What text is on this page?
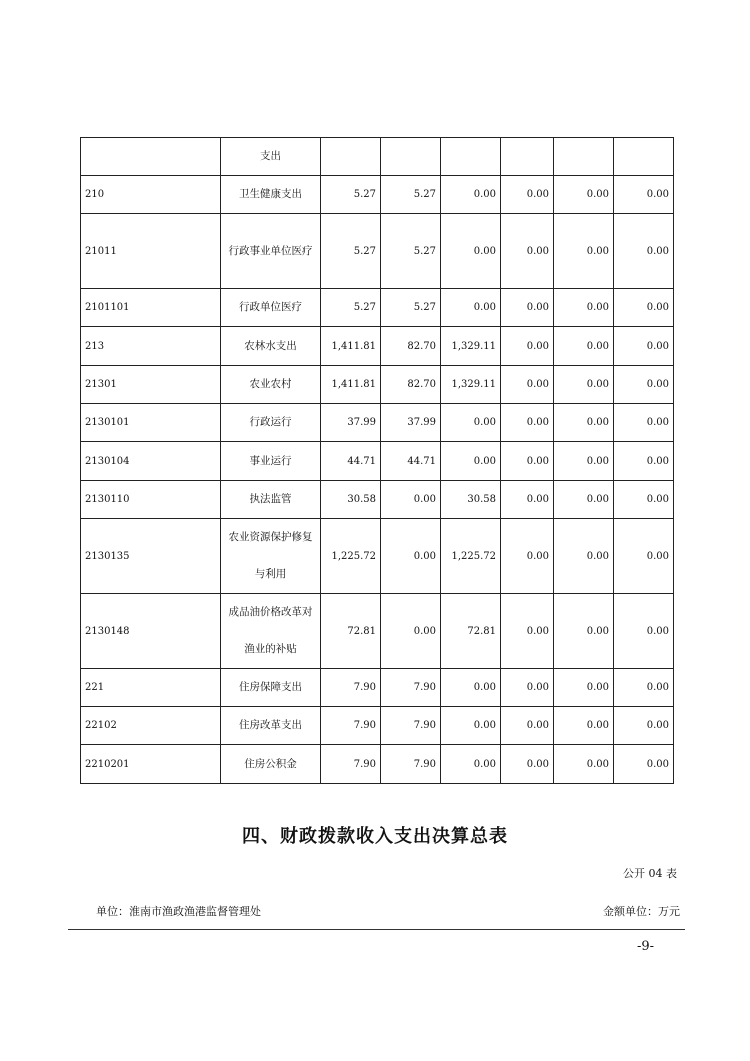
	支出						
210	卫生健康支出	5.27	5.27	0.00	0.00	0.00	0.00
21011	行政事业单位医疗	5.27	5.27	0.00	0.00	0.00	0.00
2101101	行政单位医疗	5.27	5.27	0.00	0.00	0.00	0.00
213	农林水支出	1,411.81	82.70	1,329.11	0.00	0.00	0.00
21301	农业农村	1,411.81	82.70	1,329.11	0.00	0.00	0.00
2130101	行政运行	37.99	37.99	0.00	0.00	0.00	0.00
2130104	事业运行	44.71	44.71	0.00	0.00	0.00	0.00
2130110	执法监管	30.58	0.00	30.58	0.00	0.00	0.00
2130135	农业资源保护修复与利用	1,225.72	0.00	1,225.72	0.00	0.00	0.00
2130148	成品油价格改革对渔业的补贴	72.81	0.00	72.81	0.00	0.00	0.00
221	住房保障支出	7.90	7.90	0.00	0.00	0.00	0.00
22102	住房改革支出	7.90	7.90	0.00	0.00	0.00	0.00
2210201	住房公积金	7.90	7.90	0.00	0.00	0.00	0.00
四、财政拨款收入支出决算总表
公开 04 表
单位：淮南市渔政渔港监督管理处	金额单位：万元
-9-
